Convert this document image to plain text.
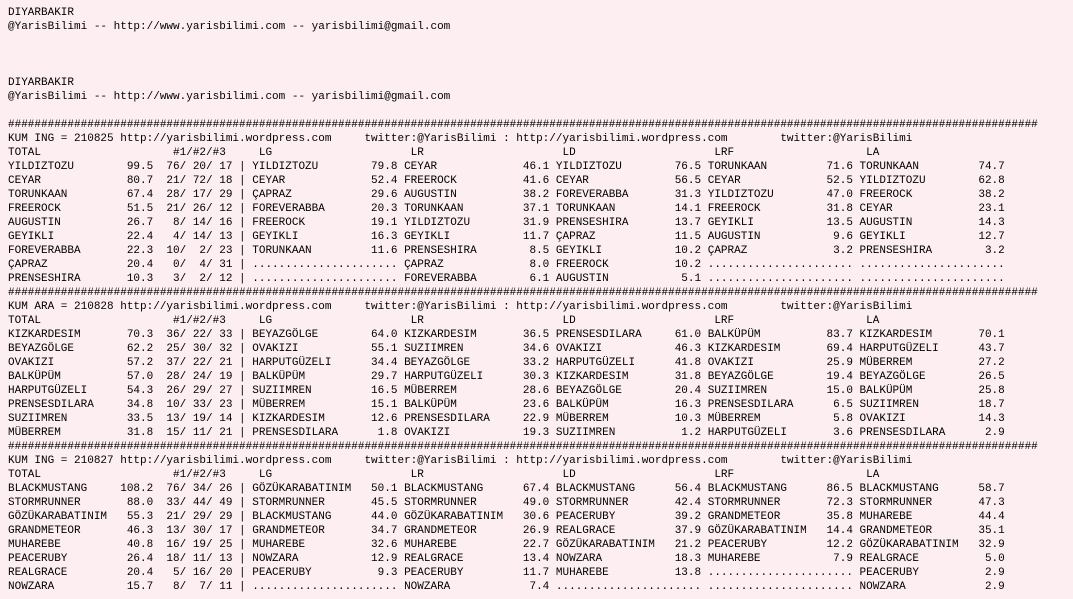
DIYARBAKIR
@YarisBilimi -- http://www.yarisbilimi.com -- yarisbilimi@gmail.com
DIYARBAKIR
@YarisBilimi -- http://www.yarisbilimi.com -- yarisbilimi@gmail.com
############################################################################################################################################################
KUM ING = 210825 http://yarisbilimi.wordpress.com     twitter:@YarisBilimi : http://yarisbilimi.wordpress.com        twitter:@YarisBilimi
TOTAL                    #1/#2/#3     LG                     LR                     LD                     LRF                    LA
YILDIZTOZU        99.5  76/ 20/ 17 | YILDIZTOZU        79.8 CEYAR             46.1 YILDIZTOZU        76.5 TORUNKAAN         71.6 TORUNKAAN         74.7
CEYAR             80.7  21/ 72/ 18 | CEYAR             52.4 FREEROCK          41.6 CEYAR             56.5 CEYAR             52.5 YILDIZTOZU        62.8
TORUNKAAN         67.4  28/ 17/ 29 | ÇAPRAZ            29.6 AUGUSTIN          38.2 FOREVERABBA       31.3 YILDIZTOZU        47.0 FREEROCK          38.2
FREEROCK          51.5  21/ 26/ 12 | FOREVERABBA       20.3 TORUNKAAN         37.1 TORUNKAAN         14.1 FREEROCK          31.8 CEYAR             23.1
AUGUSTIN          26.7   8/ 14/ 16 | FREEROCK          19.1 YILDIZTOZU        31.9 PRENSESHIRA       13.7 GEYIKLI           13.5 AUGUSTIN          14.3
GEYIKLI           22.4   4/ 14/ 13 | GEYIKLI           16.3 GEYIKLI           11.7 ÇAPRAZ            11.5 AUGUSTIN           9.6 GEYIKLI           12.7
FOREVERABBA       22.3  10/  2/ 23 | TORUNKAAN         11.6 PRENSESHIRA        8.5 GEYIKLI           10.2 ÇAPRAZ             3.2 PRENSESHIRA        3.2
ÇAPRAZ            20.4   0/  4/ 31 | ...................... ÇAPRAZ             8.0 FREEROCK          10.2 ...................... ......................
PRENSESHIRA       10.3   3/  2/ 12 | ...................... FOREVERABBA        6.1 AUGUSTIN           5.1 ...................... ......................
############################################################################################################################################################
KUM ARA = 210828 http://yarisbilimi.wordpress.com     twitter:@YarisBilimi : http://yarisbilimi.wordpress.com        twitter:@YarisBilimi
TOTAL                    #1/#2/#3     LG                     LR                     LD                     LRF                    LA
KIZKARDESIM       70.3  36/ 22/ 33 | BEYAZGÖLGE        64.0 KIZKARDESIM       36.5 PRENSESDILARA     61.0 BALKÜPÜM          83.7 KIZKARDESIM       70.1
BEYAZGÖLGE        62.2  25/ 30/ 32 | OVAKIZI           55.1 SUZIIMREN         34.6 OVAKIZI           46.3 KIZKARDESIM       69.4 HARPUTGÜZELI      43.7
OVAKIZI           57.2  37/ 22/ 21 | HARPUTGÜZELI      34.4 BEYAZGÖLGE        33.2 HARPUTGÜZELI      41.8 OVAKIZI           25.9 MÜBERREM          27.2
BALKÜPÜM          57.0  28/ 24/ 19 | BALKÜPÜM          29.7 HARPUTGÜZELI      30.3 KIZKARDESIM       31.8 BEYAZGÖLGE        19.4 BEYAZGÖLGE        26.5
HARPUTGÜZELI      54.3  26/ 29/ 27 | SUZIIMREN         16.5 MÜBERREM          28.6 BEYAZGÖLGE        20.4 SUZIIMREN         15.0 BALKÜPÜM          25.8
PRENSESDILARA     34.8  10/ 33/ 23 | MÜBERREM          15.1 BALKÜPÜM          23.6 BALKÜPÜM          16.3 PRENSESDILARA      6.5 SUZIIMREN         18.7
SUZIIMREN         33.5  13/ 19/ 14 | KIZKARDESIM       12.6 PRENSESDILARA     22.9 MÜBERREM          10.3 MÜBERREM           5.8 OVAKIZI           14.3
MÜBERREM          31.8  15/ 11/ 21 | PRENSESDILARA      1.8 OVAKIZI           19.3 SUZIIMREN          1.2 HARPUTGÜZELI       3.6 PRENSESDILARA      2.9
############################################################################################################################################################
KUM ING = 210827 http://yarisbilimi.wordpress.com     twitter:@YarisBilimi : http://yarisbilimi.wordpress.com        twitter:@YarisBilimi
TOTAL                    #1/#2/#3     LG                     LR                     LD                     LRF                    LA
BLACKMUSTANG     108.2  76/ 34/ 26 | GÖZÜKARABATINIM   50.1 BLACKMUSTANG      67.4 BLACKMUSTANG      56.4 BLACKMUSTANG      86.5 BLACKMUSTANG      58.7
STORMRUNNER       88.0  33/ 44/ 49 | STORMRUNNER       45.5 STORMRUNNER       49.0 STORMRUNNER       42.4 STORMRUNNER       72.3 STORMRUNNER       47.3
GÖZÜKARABATINIM   55.3  21/ 29/ 29 | BLACKMUSTANG      44.0 GÖZÜKARABATINIM   30.6 PEACERUBY         39.2 GRANDMETEOR       35.8 MUHAREBE          44.4
GRANDMETEOR       46.3  13/ 30/ 17 | GRANDMETEOR       34.7 GRANDMETEOR       26.9 REALGRACE         37.9 GÖZÜKARABATINIM   14.4 GRANDMETEOR       35.1
MUHAREBE          40.8  16/ 19/ 25 | MUHAREBE          32.6 MUHAREBE          22.7 GÖZÜKARABATINIM   21.2 PEACERUBY         12.2 GÖZÜKARABATINIM   32.9
PEACERUBY         26.4  18/ 11/ 13 | NOWZARA           12.9 REALGRACE         13.4 NOWZARA           18.3 MUHAREBE           7.9 REALGRACE          5.0
REALGRACE         20.4   5/ 16/ 20 | PEACERUBY          9.3 PEACERUBY         11.7 MUHAREBE          13.8 ...................... PEACERUBY          2.9
NOWZARA           15.7   8/  7/ 11 | ...................... NOWZARA            7.4 ...................... ...................... NOWZARA            2.9
